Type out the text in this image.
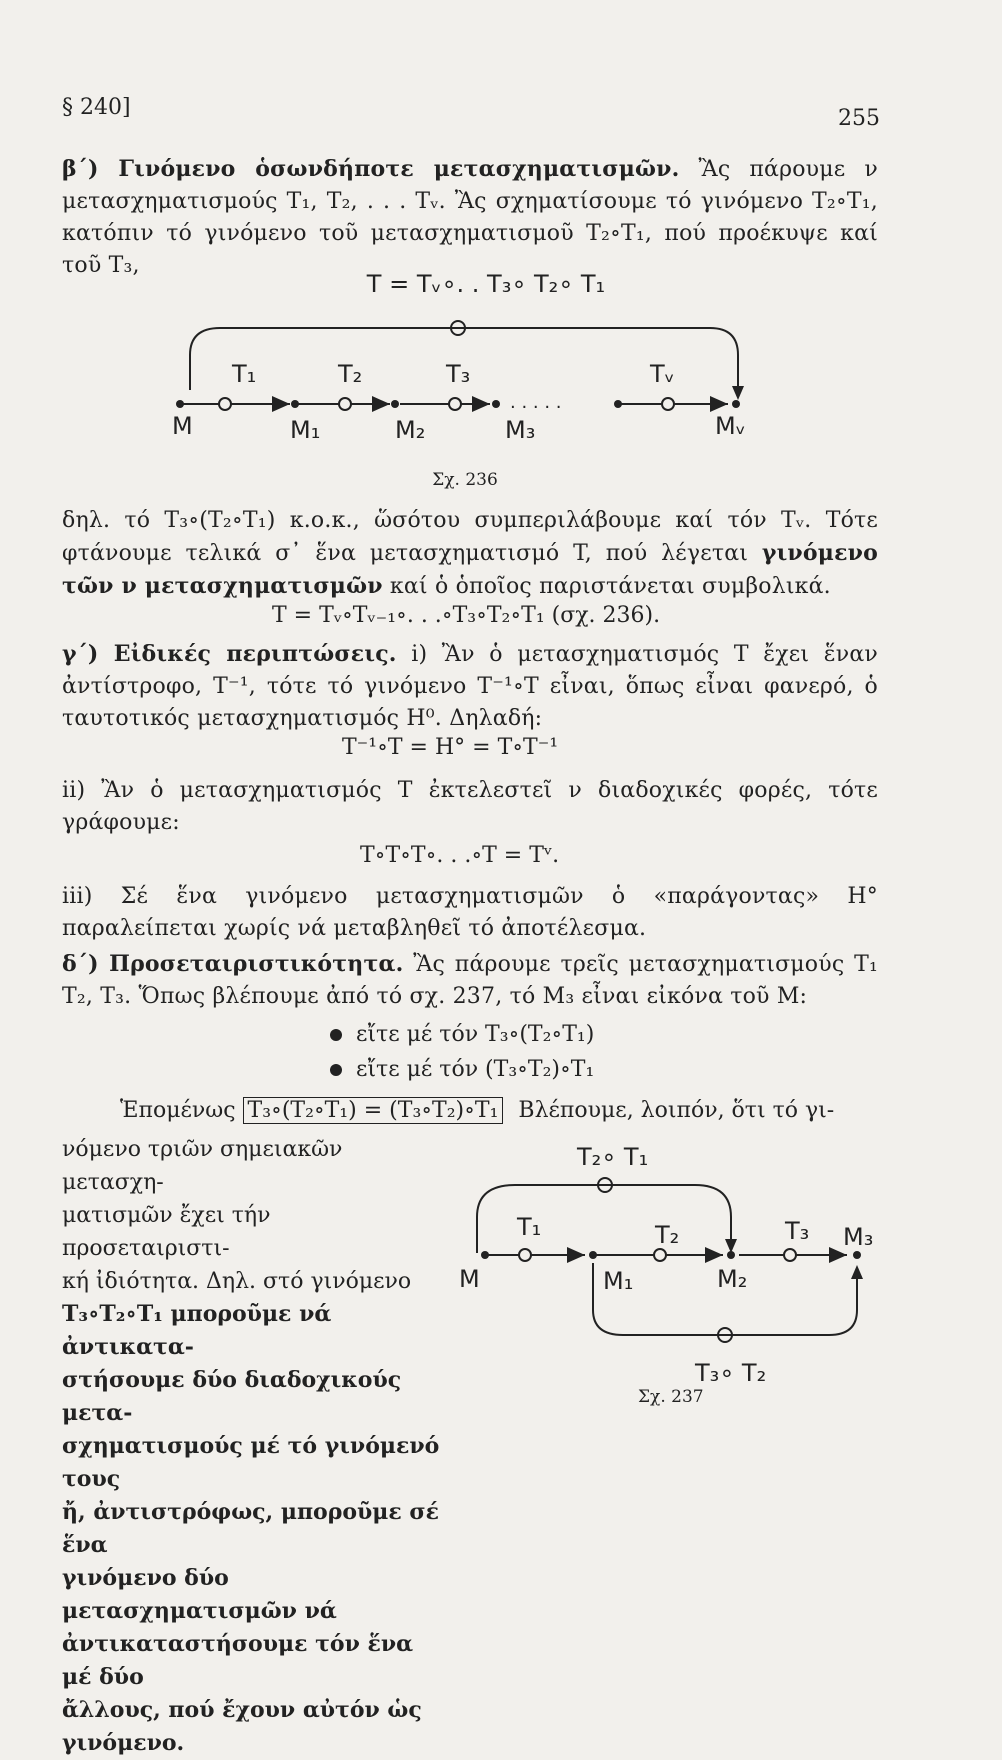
§ 240]	255
β΄) Γινόμενο ὁσωνδήποτε μετασχηματισμῶν. Ἂς πάρουμε ν μετασχηματισμούς T₁, T₂, . . . Tᵥ. Ἂς σχηματίσουμε τό γινόμενο T₂∘T₁, κατόπιν τό γινόμενο τοῦ μετασχηματισμοῦ T₂∘T₁, πού προέκυψε καί τοῦ T₃,
T = Tᵥ∘. . T₃∘ T₂∘ T₁
. . . . .
T₁	T₂	T₃	Tᵥ
M	M₁	M₂	M₃	Mᵥ
Σχ. 236
δηλ. τό T₃∘(T₂∘T₁) κ.ο.κ., ὥσότου συμπεριλάβουμε καί τόν Tᵥ. Τότε φτάνουμε τελικά σ᾽ ἕνα μετασχηματισμό T, πού λέγεται γινόμενο τῶν ν μετασχηματισμῶν καί ὁ ὁποῖος παριστάνεται συμβολικά.
T = Tᵥ∘Tᵥ₋₁∘. . .∘T₃∘T₂∘T₁ (σχ. 236).
γ΄) Εἰδικές περιπτώσεις. i) Ἂν ὁ μετασχηματισμός T ἔχει ἕναν ἀντίστροφο, T⁻¹, τότε τό γινόμενο T⁻¹∘T εἶναι, ὅπως εἶναι φανερό, ὁ ταυτοτικός μετασχηματισμός H⁰. Δηλαδή:
T⁻¹∘T = H° = T∘T⁻¹
ii) Ἂν ὁ μετασχηματισμός T ἐκτελεστεῖ ν διαδοχικές φορές, τότε γράφουμε:
T∘T∘T∘. . .∘T = Tᵛ.
iii) Σέ ἕνα γινόμενο μετασχηματισμῶν ὁ «παράγοντας» H° παραλείπεται χωρίς νά μεταβληθεῖ τό ἀποτέλεσμα.
δ΄) Προσεταιριστικότητα. Ἂς πάρουμε τρεῖς μετασχηματισμούς T₁ T₂, T₃. Ὅπως βλέπουμε ἀπό τό σχ. 237, τό M₃ εἶναι εἰκόνα τοῦ M:
εἴτε μέ τόν T₃∘(T₂∘T₁)
εἴτε μέ τόν (T₃∘T₂)∘T₁
Ἑπομένως T₃∘(T₂∘T₁) = (T₃∘T₂)∘T₁ Βλέπουμε, λοιπόν, ὅτι τό γι-
νόμενο τριῶν σημειακῶν μετασχη-
ματισμῶν ἔχει τήν προσεταιριστι-
κή ἰδιότητα. Δηλ. στό γινόμενο
T₃∘T₂∘T₁ μποροῦμε νά ἀντικατα-
στήσουμε δύο διαδοχικούς μετα-
σχηματισμούς μέ τό γινόμενό τους
ἤ, ἀντιστρόφως, μποροῦμε σέ ἕνα
γινόμενο δύο μετασχηματισμῶν νά
ἀντικαταστήσουμε τόν ἕνα μέ δύο
ἄλλους, πού ἔχουν αὐτόν ὡς γινόμενο.
T₂∘ T₁
T₁	T₂	T₃
M	M₁	M₂
M₃
T₃∘ T₂
Σχ. 237
